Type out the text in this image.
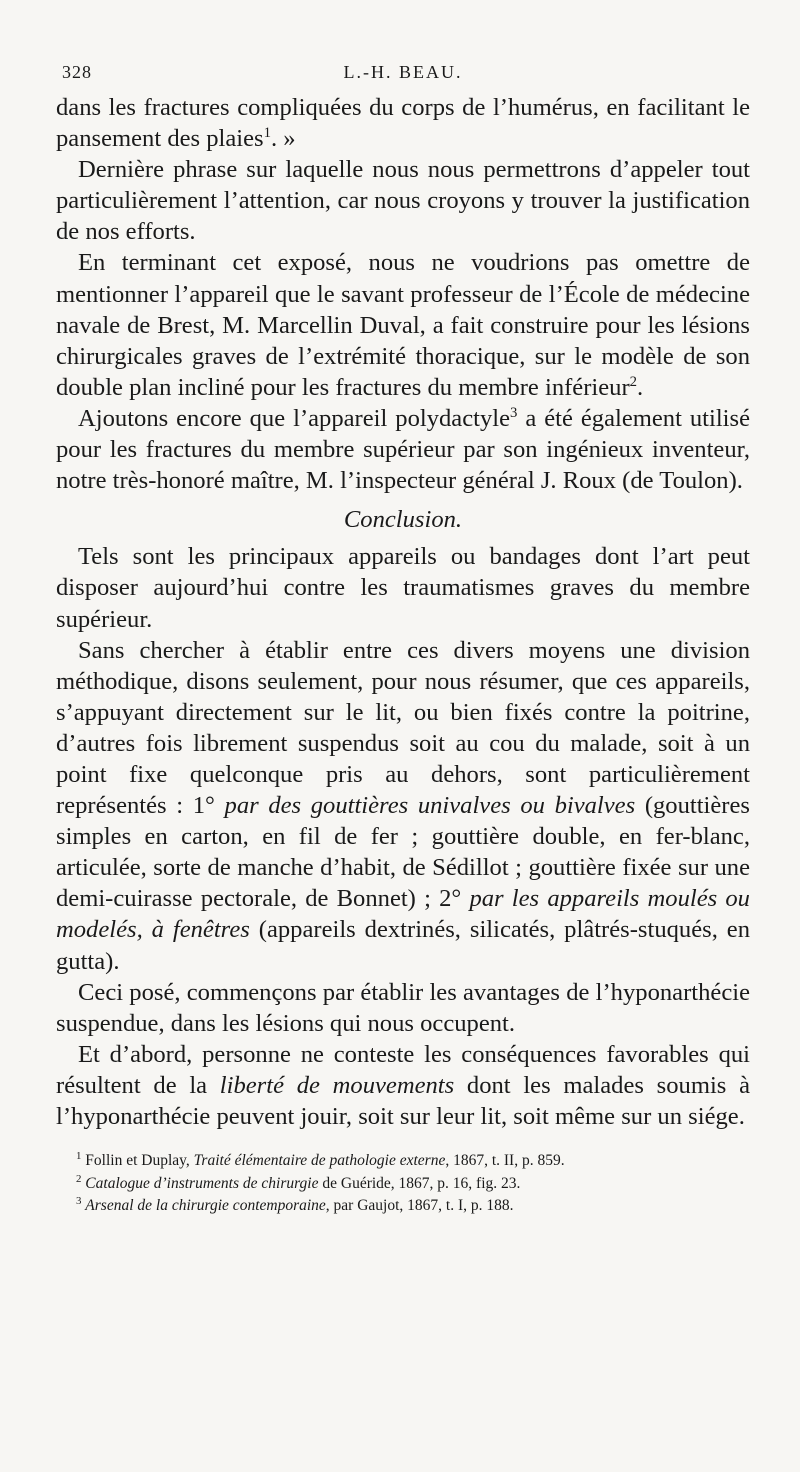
328	L.-H. BEAU.

dans les fractures compliquées du corps de l’humérus, en facilitant le pansement des plaies$^1$. »

Dernière phrase sur laquelle nous nous permettrons d’appeler tout particulièrement l’attention, car nous croyons y trouver la justification de nos efforts.

En terminant cet exposé, nous ne voudrions pas omettre de mentionner l’appareil que le savant professeur de l’École de médecine navale de Brest, M. Marcellin Duval, a fait construire pour les lésions chirurgicales graves de l’extrémité thoracique, sur le modèle de son double plan incliné pour les fractures du membre inférieur$^2$.

Ajoutons encore que l’appareil polydactyle$^3$ a été également utilisé pour les fractures du membre supérieur par son ingénieux inventeur, notre très-honoré maître, M. l’inspecteur général J. Roux (de Toulon).

Conclusion.

Tels sont les principaux appareils ou bandages dont l’art peut disposer aujourd’hui contre les traumatismes graves du membre supérieur.

Sans chercher à établir entre ces divers moyens une division méthodique, disons seulement, pour nous résumer, que ces appareils, s’appuyant directement sur le lit, ou bien fixés contre la poitrine, d’autres fois librement suspendus soit au cou du malade, soit à un point fixe quelconque pris au dehors, sont particulièrement représentés : 1° par des gouttières univalves ou bivalves (gouttières simples en carton, en fil de fer ; gouttière double, en fer-blanc, articulée, sorte de manche d’habit, de Sédillot ; gouttière fixée sur une demi-cuirasse pectorale, de Bonnet) ; 2° par les appareils moulés ou modelés, à fenêtres (appareils dextrinés, silicatés, plâtrés-stuqués, en gutta).

Ceci posé, commençons par établir les avantages de l’hyponarthécie suspendue, dans les lésions qui nous occupent.

Et d’abord, personne ne conteste les conséquences favorables qui résultent de la liberté de mouvements dont les malades soumis à l’hyponarthécie peuvent jouir, soit sur leur lit, soit même sur un siége.

$^1$ Follin et Duplay, Traité élémentaire de pathologie externe, 1867, t. II, p. 859.

$^2$ Catalogue d’instruments de chirurgie de Guéride, 1867, p. 16, fig. 23.

$^3$ Arsenal de la chirurgie contemporaine, par Gaujot, 1867, t. I, p. 188.
